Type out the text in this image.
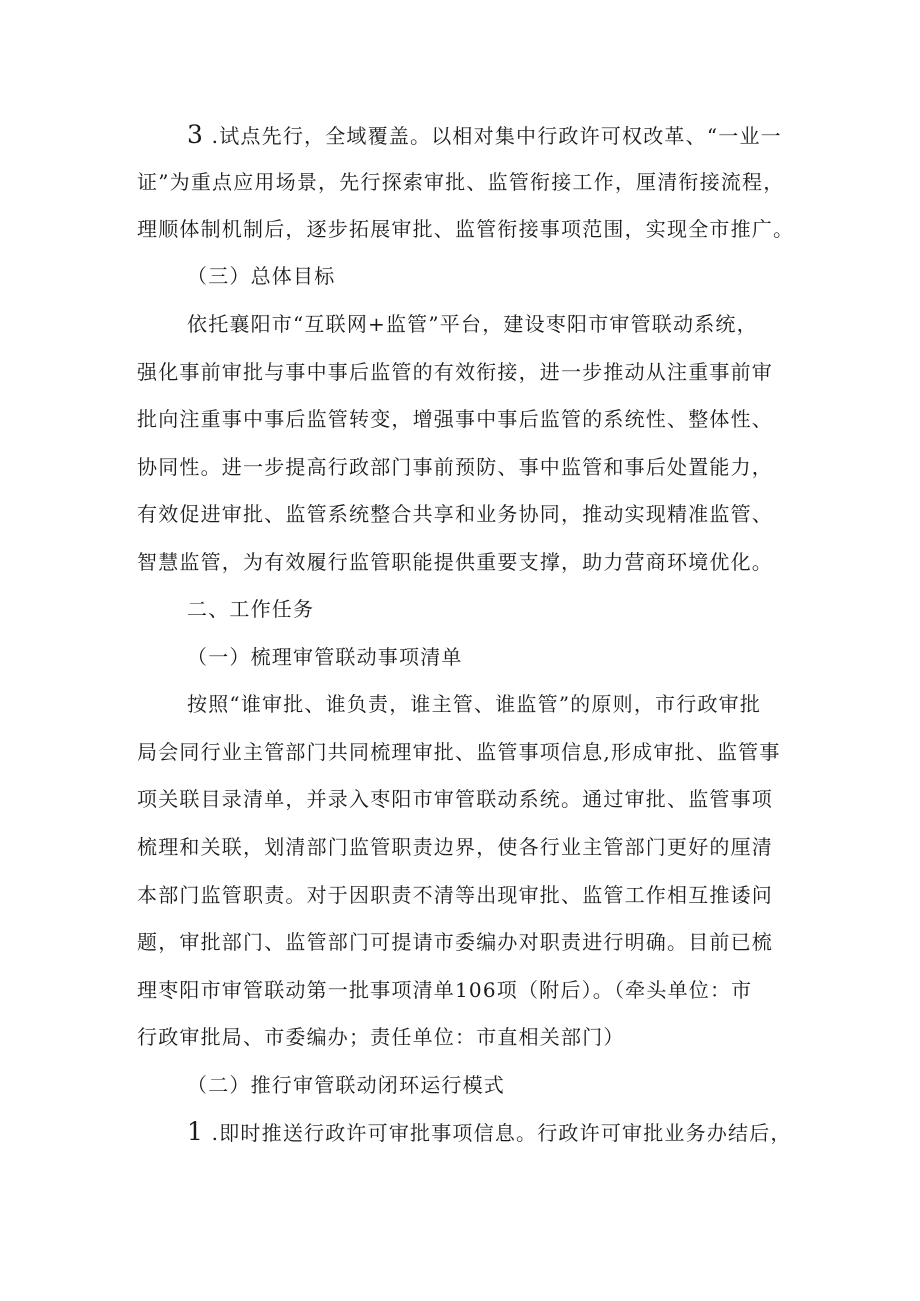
3 .试点先行，全域覆盖。以相对集中行政许可权改革、“一业一
证”为重点应用场景，先行探索审批、监管衔接工作，厘清衔接流程，
理顺体制机制后，逐步拓展审批、监管衔接事项范围，实现全市推广。
（三）总体目标
依托襄阳市“互联网+监管”平台，建设枣阳市审管联动系统，
强化事前审批与事中事后监管的有效衔接，进一步推动从注重事前审
批向注重事中事后监管转变，增强事中事后监管的系统性、整体性、
协同性。进一步提高行政部门事前预防、事中监管和事后处置能力，
有效促进审批、监管系统整合共享和业务协同，推动实现精准监管、
智慧监管，为有效履行监管职能提供重要支撑，助力营商环境优化。
二、工作任务
（一）梳理审管联动事项清单
按照“谁审批、谁负责，谁主管、谁监管”的原则，市行政审批
局会同行业主管部门共同梳理审批、监管事项信息,形成审批、监管事
项关联目录清单，并录入枣阳市审管联动系统。通过审批、监管事项
梳理和关联，划清部门监管职责边界，使各行业主管部门更好的厘清
本部门监管职责。对于因职责不清等出现审批、监管工作相互推诿问
题，审批部门、监管部门可提请市委编办对职责进行明确。目前已梳
理枣阳市审管联动第一批事项清单106项（附后）。（牵头单位：市
行政审批局、市委编办；责任单位：市直相关部门）
（二）推行审管联动闭环运行模式
1 .即时推送行政许可审批事项信息。行政许可审批业务办结后，
